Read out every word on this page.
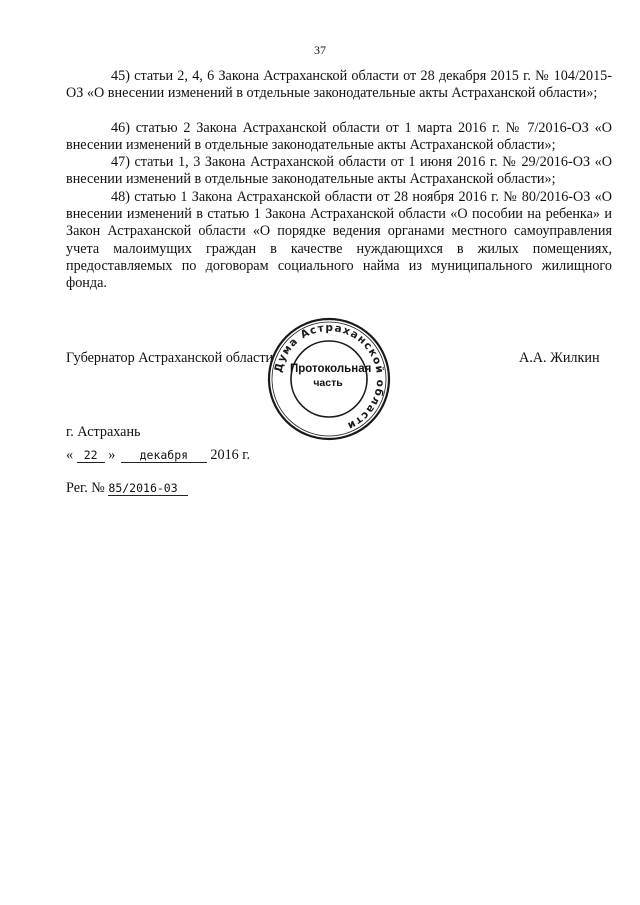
37

45) статьи 2, 4, 6 Закона Астраханской области от 28 декабря 2015 г. № 104/2015-ОЗ «О внесении изменений в отдельные законодательные акты Астраханской области»;

46) статью 2 Закона Астраханской области от 1 марта 2016 г. № 7/2016-ОЗ «О внесении изменений в отдельные законодательные акты Астраханской области»;

47) статьи 1, 3 Закона Астраханской области от 1 июня 2016 г. № 29/2016-ОЗ «О внесении изменений в отдельные законодательные акты Астраханской области»;

48) статью 1 Закона Астраханской области от 28 ноября 2016 г. № 80/2016-ОЗ «О внесении изменений в статью 1 Закона Астраханской области «О пособии на ребенка» и Закон Астраханской области «О порядке ведения органами местного самоуправления учета малоимущих граждан в качестве нуждающихся в жилых помещениях, предоставляемых по договорам социального найма из муниципального жилищного фонда.

Губернатор Астраханской области	А.А. Жилкин
Дума Астраханской области
Протокольная
часть
г. Астрахань
« 22 » декабря 2016 г.
Рег. № 85/2016-03
